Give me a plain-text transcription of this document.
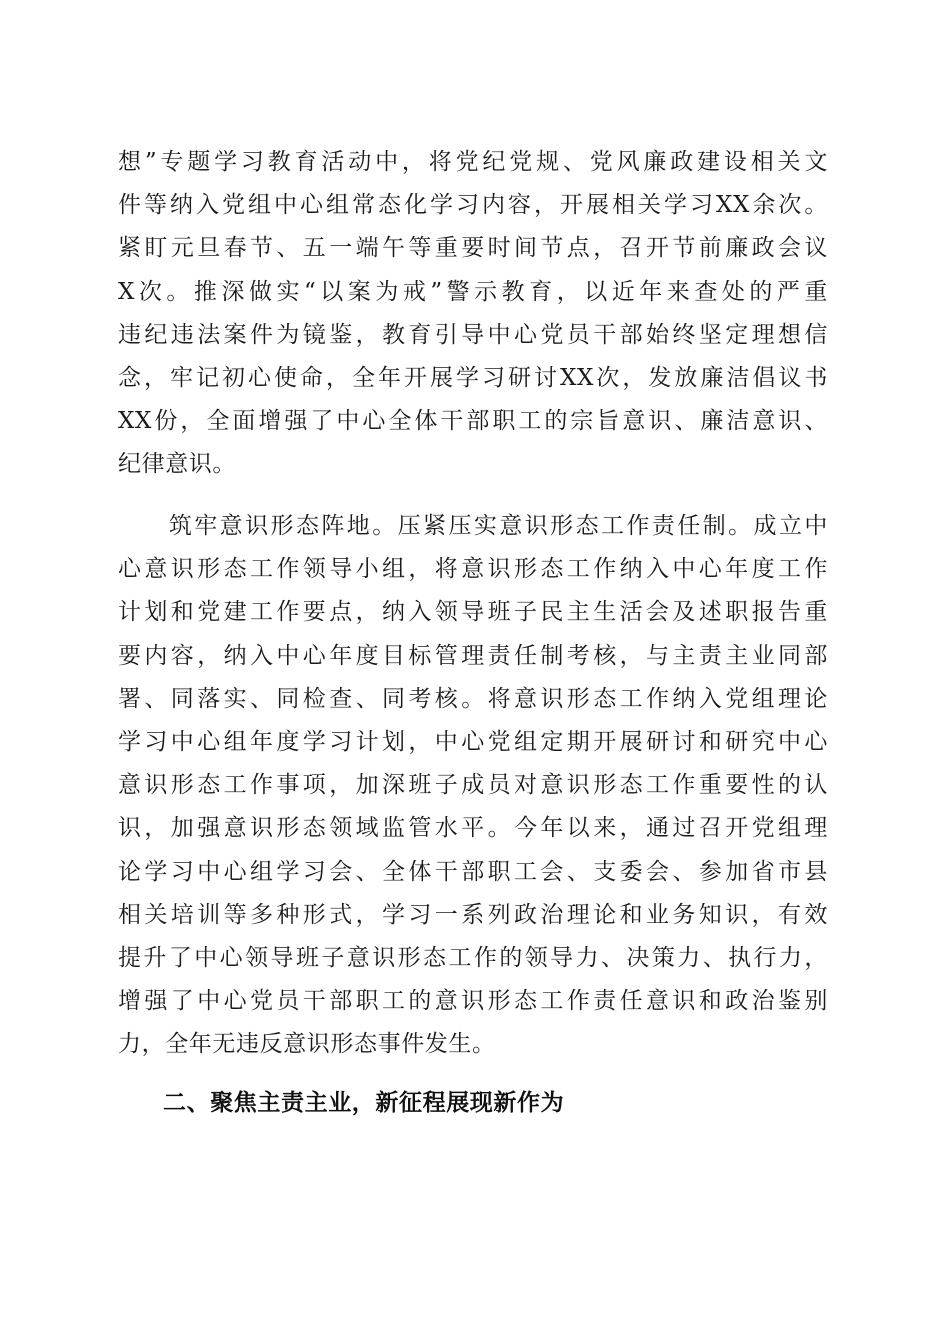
想”专题学习教育活动中，将党纪党规、党风廉政建设相关文
件等纳入党组中心组常态化学习内容，开展相关学习XX余次。
紧盯元旦春节、五一端午等重要时间节点，召开节前廉政会议
X次。推深做实“以案为戒”警示教育，以近年来查处的严重
违纪违法案件为镜鉴，教育引导中心党员干部始终坚定理想信
念，牢记初心使命，全年开展学习研讨XX次，发放廉洁倡议书
XX份，全面增强了中心全体干部职工的宗旨意识、廉洁意识、
纪律意识。
　　筑牢意识形态阵地。压紧压实意识形态工作责任制。成立中
心意识形态工作领导小组，将意识形态工作纳入中心年度工作
计划和党建工作要点，纳入领导班子民主生活会及述职报告重
要内容，纳入中心年度目标管理责任制考核，与主责主业同部
署、同落实、同检查、同考核。将意识形态工作纳入党组理论
学习中心组年度学习计划，中心党组定期开展研讨和研究中心
意识形态工作事项，加深班子成员对意识形态工作重要性的认
识，加强意识形态领域监管水平。今年以来，通过召开党组理
论学习中心组学习会、全体干部职工会、支委会、参加省市县
相关培训等多种形式，学习一系列政治理论和业务知识，有效
提升了中心领导班子意识形态工作的领导力、决策力、执行力，
增强了中心党员干部职工的意识形态工作责任意识和政治鉴别
力，全年无违反意识形态事件发生。
二、聚焦主责主业，新征程展现新作为
